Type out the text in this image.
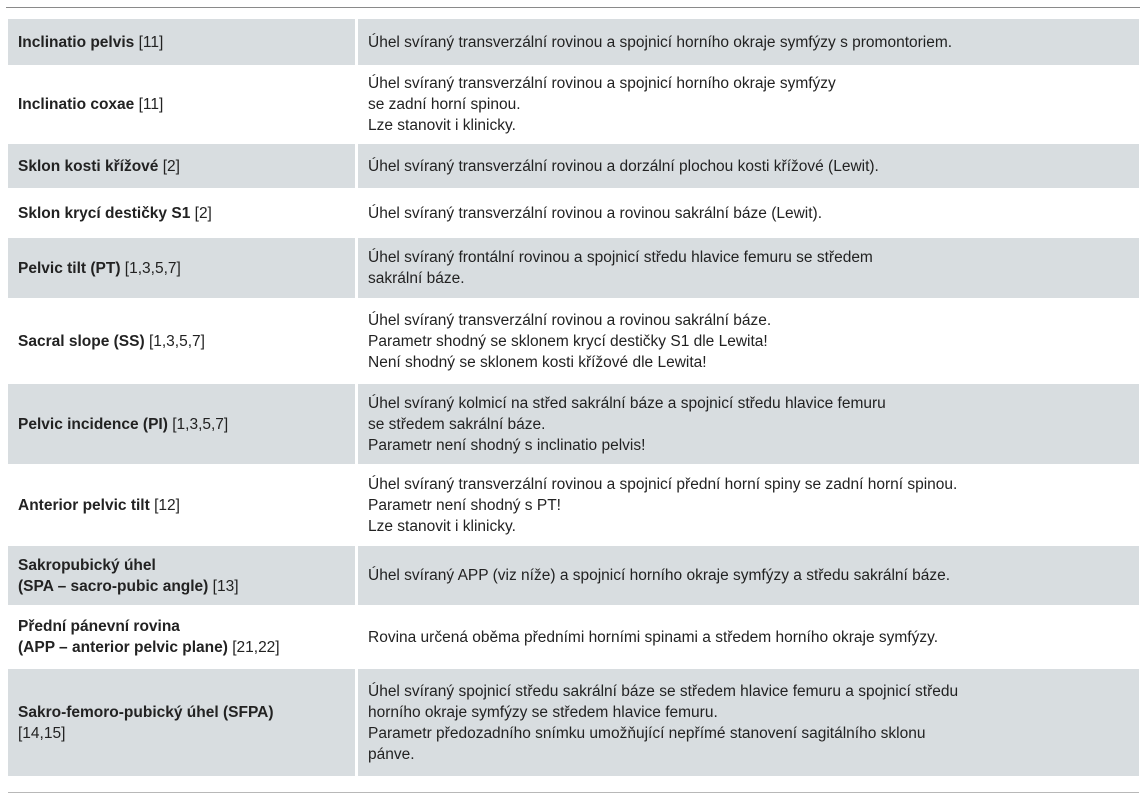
Inclinatio pelvis [11]	Úhel svíraný transverzální rovinou a spojnicí horního okraje symfýzy s promontoriem.

Inclinatio coxae [11]	Úhel svíraný transverzální rovinou a spojnicí horního okraje symfýzy
se zadní horní spinou.
Lze stanovit i klinicky.

Sklon kosti křížové [2]	Úhel svíraný transverzální rovinou a dorzální plochou kosti křížové (Lewit).

Sklon krycí destičky S1 [2]	Úhel svíraný transverzální rovinou a rovinou sakrální báze (Lewit).

Pelvic tilt (PT) [1,3,5,7]	Úhel svíraný frontální rovinou a spojnicí středu hlavice femuru se středem
sakrální báze.

Sacral slope (SS) [1,3,5,7]	Úhel svíraný transverzální rovinou a rovinou sakrální báze.
Parametr shodný se sklonem krycí destičky S1 dle Lewita!
Není shodný se sklonem kosti křížové dle Lewita!

Pelvic incidence (PI) [1,3,5,7]	Úhel svíraný kolmicí na střed sakrální báze a spojnicí středu hlavice femuru
se středem sakrální báze.
Parametr není shodný s inclinatio pelvis!

Anterior pelvic tilt [12]	Úhel svíraný transverzální rovinou a spojnicí přední horní spiny se zadní horní spinou.
Parametr není shodný s PT!
Lze stanovit i klinicky.

Sakropubický úhel
(SPA – sacro-pubic angle) [13]	Úhel svíraný APP (viz níže) a spojnicí horního okraje symfýzy a středu sakrální báze.

Přední pánevní rovina
(APP – anterior pelvic plane) [21,22]	Rovina určená oběma předními horními spinami a středem horního okraje symfýzy.

Sakro-femoro-pubický úhel (SFPA)
[14,15]	Úhel svíraný spojnicí středu sakrální báze se středem hlavice femuru a spojnicí středu
horního okraje symfýzy se středem hlavice femuru.
Parametr předozadního snímku umožňující nepřímé stanovení sagitálního sklonu
pánve.
